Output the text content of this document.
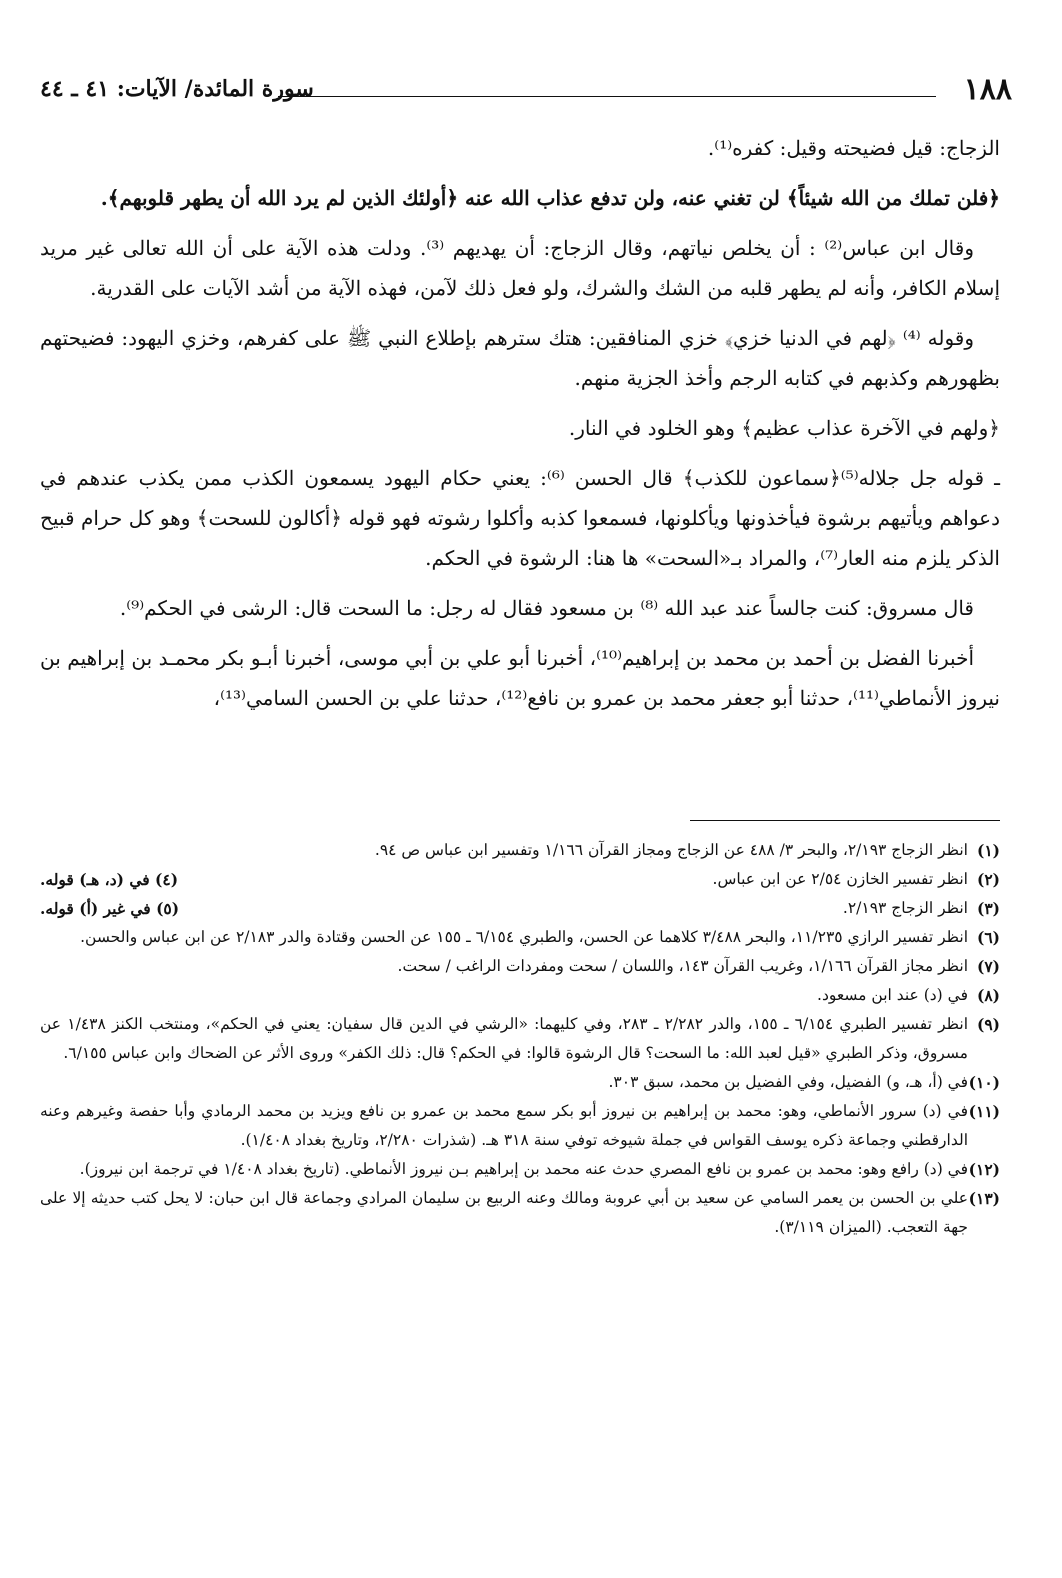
١٨٨
سورة المائدة/ الآيات: ٤١ ـ ٤٤

الزجاج: قيل فضيحته وقيل: كفره⁽¹⁾.

﴿فلن تملك من الله شيئاً﴾ لن تغني عنه، ولن تدفع عذاب الله عنه ﴿أولئك الذين لم يرد الله أن يطهر قلوبهم﴾.

وقال ابن عباس⁽²⁾ : أن يخلص نياتهم، وقال الزجاج: أن يهديهم ⁽³⁾. ودلت هذه الآية على أن الله تعالى غير مريد إسلام الكافر، وأنه لم يطهر قلبه من الشك والشرك، ولو فعل ذلك لآمن، فهذه الآية من أشد الآيات على القدرية.

وقوله ⁽⁴⁾ ﴿لهم في الدنيا خزي﴾ خزي المنافقين: هتك سترهم بإطلاع النبي ﷺ على كفرهم، وخزي اليهود: فضيحتهم بظهورهم وكذبهم في كتابه الرجم وأخذ الجزية منهم.

﴿ولهم في الآخرة عذاب عظيم﴾ وهو الخلود في النار.

ـ قوله جل جلاله⁽⁵⁾﴿سماعون للكذب﴾ قال الحسن ⁽⁶⁾: يعني حكام اليهود يسمعون الكذب ممن يكذب عندهم في دعواهم ويأتيهم برشوة فيأخذونها ويأكلونها، فسمعوا كذبه وأكلوا رشوته فهو قوله ﴿أكالون للسحت﴾ وهو كل حرام قبيح الذكر يلزم منه العار⁽⁷⁾، والمراد بـ«السحت» ها هنا: الرشوة في الحكم.

قال مسروق: كنت جالساً عند عبد الله ⁽⁸⁾ بن مسعود فقال له رجل: ما السحت قال: الرشى في الحكم⁽⁹⁾.

أخبرنا الفضل بن أحمد بن محمد بن إبراهيم⁽¹⁰⁾، أخبرنا أبو علي بن أبي موسى، أخبرنا أبـو بكر محمـد بن إبراهيم بن نيروز الأنماطي⁽¹¹⁾، حدثنا أبو جعفر محمد بن عمرو بن نافع⁽¹²⁾، حدثنا علي بن الحسن السامي⁽¹³⁾،

(١)
انظر الزجاج ٢/١٩٣، والبحر ٣/ ٤٨٨ عن الزجاج ومجاز القرآن ١/١٦٦ وتفسير ابن عباس ص ٩٤.
(٢)
انظر تفسير الخازن ٢/٥٤ عن ابن عباس.
(٤) في (د، هـ) قوله.
(٣)
انظر الزجاج ٢/١٩٣.
(٥) في غير (أ) قوله.
(٦)
انظر تفسير الرازي ١١/٢٣٥، والبحر ٣/٤٨٨ كلاهما عن الحسن، والطبري ٦/١٥٤ ـ ١٥٥ عن الحسن وقتادة والدر ٢/١٨٣ عن ابن عباس والحسن.
(٧)
انظر مجاز القرآن ١/١٦٦، وغريب القرآن ١٤٣، واللسان / سحت ومفردات الراغب / سحت.
(٨)
في (د) عند ابن مسعود.
(٩)
انظر تفسير الطبري ٦/١٥٤ ـ ١٥٥، والدر ٢/٢٨٢ ـ ٢٨٣، وفي كليهما: «الرشي في الدين قال سفيان: يعني في الحكم»، ومنتخب الكنز ١/٤٣٨ عن مسروق، وذكر الطبري «قيل لعبد الله: ما السحت؟ قال الرشوة قالوا: في الحكم؟ قال: ذلك الكفر» وروى الأثر عن الضحاك وابن عباس ٦/١٥٥.
(١٠)
في (أ، هـ، و) الفضيل، وفي الفضيل بن محمد، سبق ٣٠٣.
(١١)
في (د) سرور الأنماطي، وهو: محمد بن إبراهيم بن نيروز أبو بكر سمع محمد بن عمرو بن نافع ويزيد بن محمد الرمادي وأبا حفصة وغيرهم وعنه الدارقطني وجماعة ذكره يوسف القواس في جملة شيوخه توفي سنة ٣١٨ هـ. (شذرات ٢/٢٨٠، وتاريخ بغداد ١/٤٠٨).
(١٢)
في (د) رافع وهو: محمد بن عمرو بن نافع المصري حدث عنه محمد بن إبراهيم بـن نيروز الأنماطي. (تاريخ بغداد ١/٤٠٨ في ترجمة ابن نيروز).
(١٣)
علي بن الحسن بن يعمر السامي عن سعيد بن أبي عروبة ومالك وعنه الربيع بن سليمان المرادي وجماعة قال ابن حبان: لا يحل كتب حديثه إلا على جهة التعجب. (الميزان ٣/١١٩).
